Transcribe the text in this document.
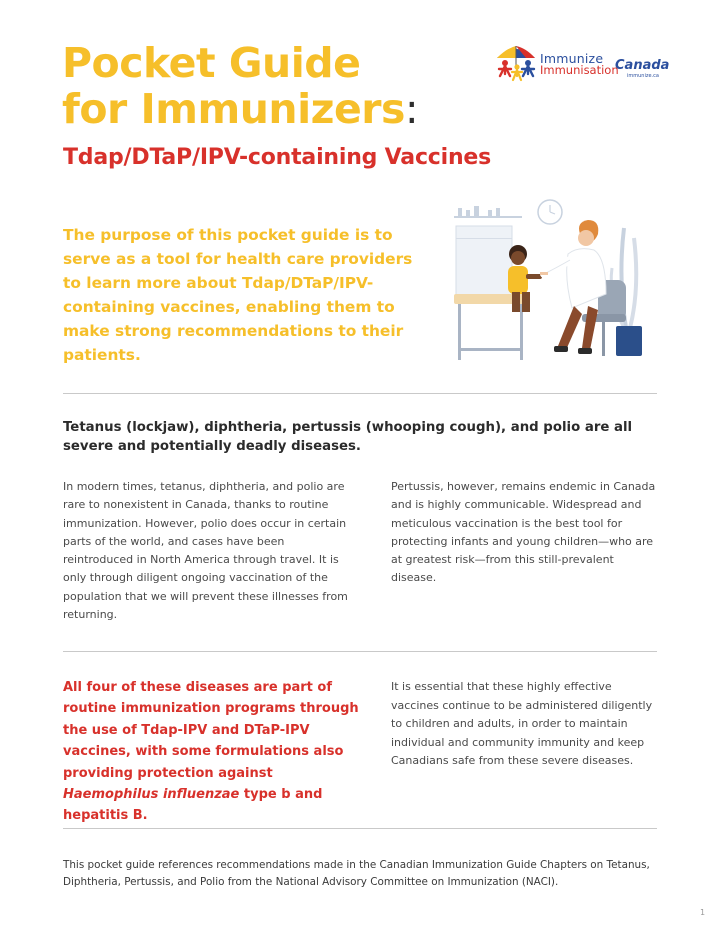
Pocket Guide
for Immunizers:
Tdap/DTaP/IPV-containing Vaccines
Immunize
Immunisation
Canada
immunize.ca
The purpose of this pocket guide is to serve as a tool for health care providers to learn more about Tdap/DTaP/IPV-containing vaccines, enabling them to make strong recommendations to their patients.
Tetanus (lockjaw), diphtheria, pertussis (whooping cough), and polio are all severe and potentially deadly diseases.
In modern times, tetanus, diphtheria, and polio are rare to nonexistent in Canada, thanks to routine immunization. However, polio does occur in certain parts of the world, and cases have been reintroduced in North America through travel. It is only through diligent ongoing vaccination of the population that we will prevent these illnesses from returning.
Pertussis, however, remains endemic in Canada and is highly communicable. Widespread and meticulous vaccination is the best tool for protecting infants and young children—who are at greatest risk—from this still-prevalent disease.
All four of these diseases are part of routine immunization programs through the use of Tdap-IPV and DTaP-IPV vaccines, with some formulations also providing protection against Haemophilus influenzae type b and hepatitis B.
It is essential that these highly effective vaccines continue to be administered diligently to children and adults, in order to maintain individual and community immunity and keep Canadians safe from these severe diseases.
This pocket guide references recommendations made in the Canadian Immunization Guide Chapters on Tetanus, Diphtheria, Pertussis, and Polio from the National Advisory Committee on Immunization (NACI).
1
